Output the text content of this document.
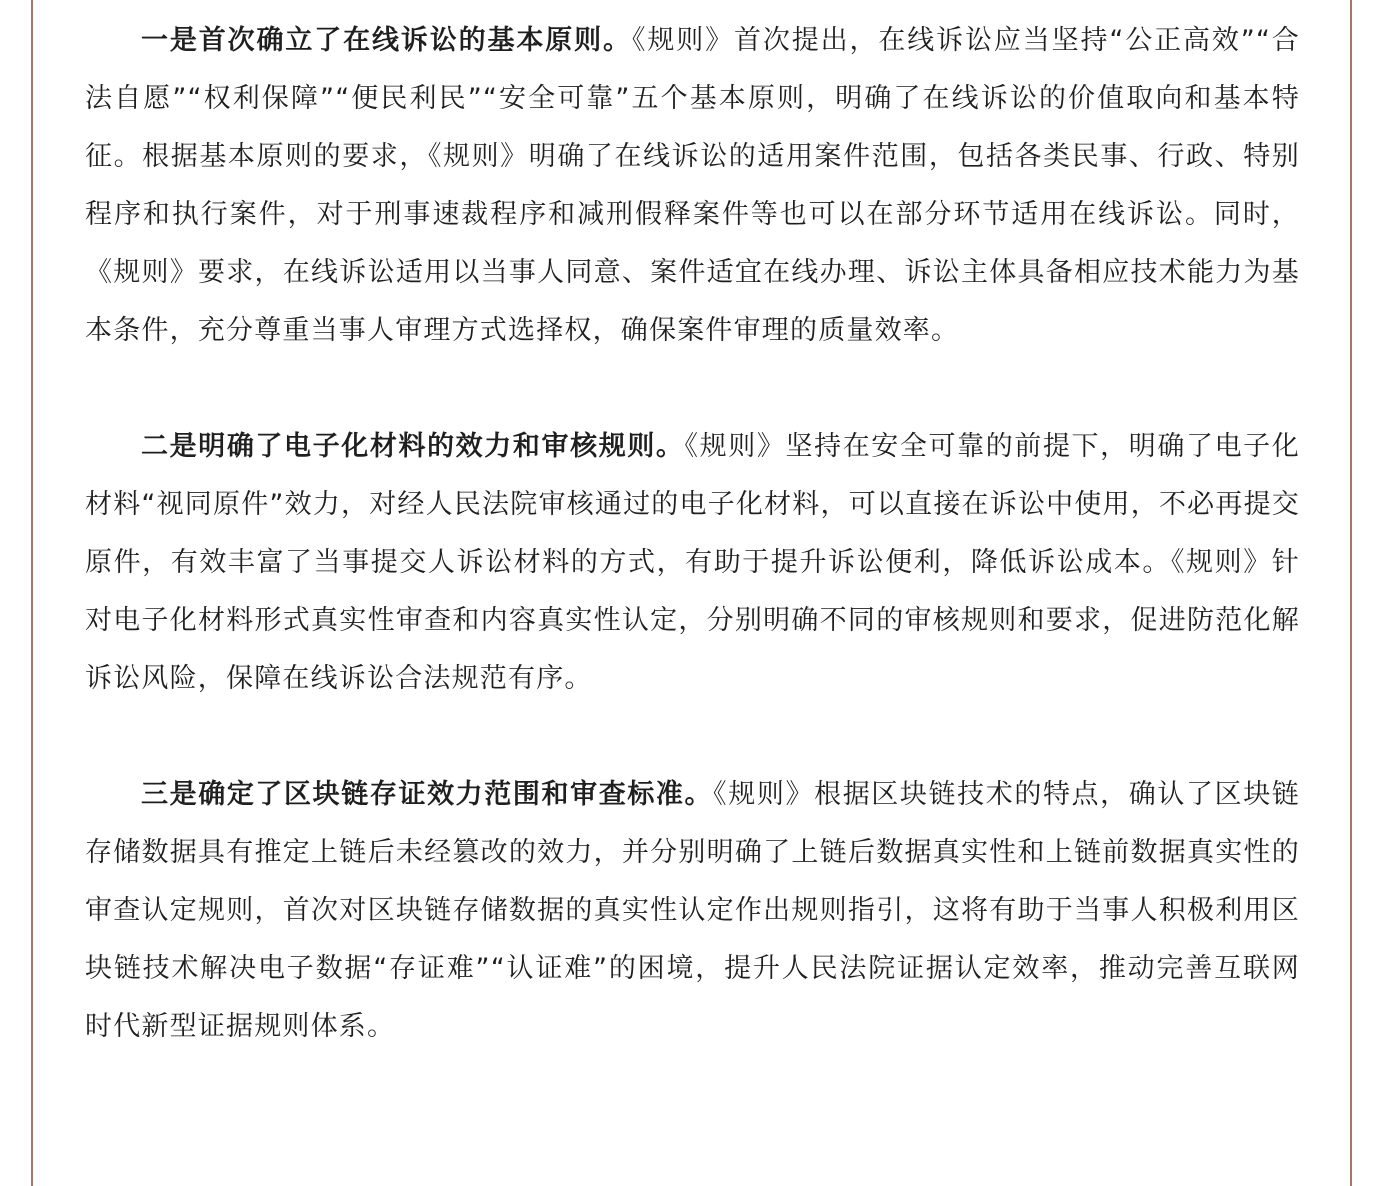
一是首次确立了在线诉讼的基本原则。《规则》首次提出，在线诉讼应当坚持“公正高效”“合法自愿”“权利保障”“便民利民”“安全可靠”五个基本原则，明确了在线诉讼的价值取向和基本特征。根据基本原则的要求，《规则》明确了在线诉讼的适用案件范围，包括各类民事、行政、特别程序和执行案件，对于刑事速裁程序和减刑假释案件等也可以在部分环节适用在线诉讼。同时，《规则》要求，在线诉讼适用以当事人同意、案件适宜在线办理、诉讼主体具备相应技术能力为基本条件，充分尊重当事人审理方式选择权，确保案件审理的质量效率。

二是明确了电子化材料的效力和审核规则。《规则》坚持在安全可靠的前提下，明确了电子化材料“视同原件”效力，对经人民法院审核通过的电子化材料，可以直接在诉讼中使用，不必再提交原件，有效丰富了当事提交人诉讼材料的方式，有助于提升诉讼便利，降低诉讼成本。《规则》针对电子化材料形式真实性审查和内容真实性认定，分别明确不同的审核规则和要求，促进防范化解诉讼风险，保障在线诉讼合法规范有序。

三是确定了区块链存证效力范围和审查标准。《规则》根据区块链技术的特点，确认了区块链存储数据具有推定上链后未经篡改的效力，并分别明确了上链后数据真实性和上链前数据真实性的审查认定规则，首次对区块链存储数据的真实性认定作出规则指引，这将有助于当事人积极利用区块链技术解决电子数据“存证难”“认证难”的困境，提升人民法院证据认定效率，推动完善互联网时代新型证据规则体系。
